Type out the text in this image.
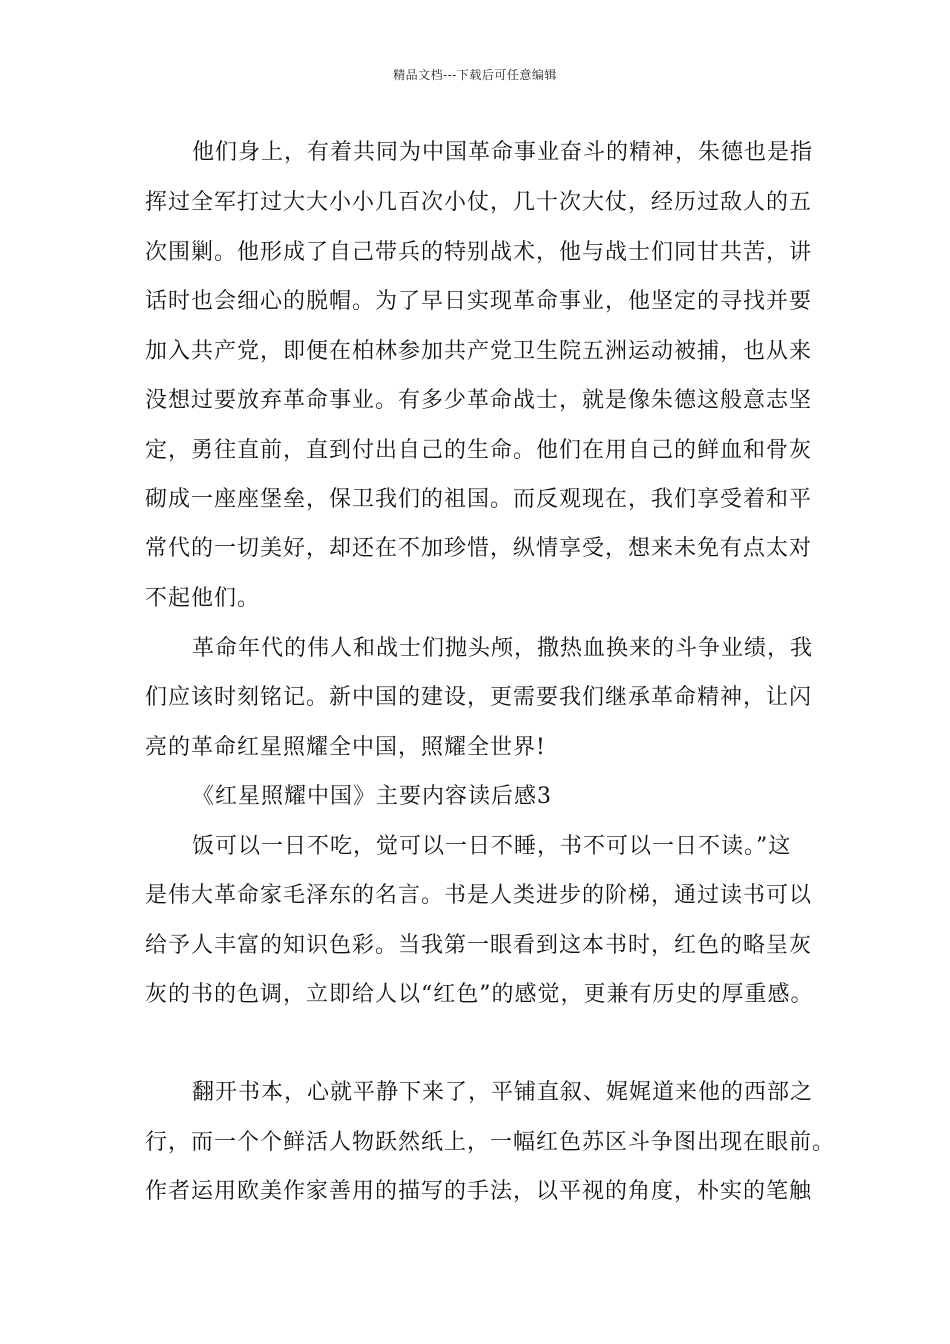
精品文档---下载后可任意编辑
他们身上，有着共同为中国革命事业奋斗的精神，朱德也是指
挥过全军打过大大小小几百次小仗，几十次大仗，经历过敌人的五
次围剿。他形成了自己带兵的特别战术，他与战士们同甘共苦，讲
话时也会细心的脱帽。为了早日实现革命事业，他坚定的寻找并要
加入共产党，即便在柏林参加共产党卫生院五洲运动被捕，也从来
没想过要放弃革命事业。有多少革命战士，就是像朱德这般意志坚
定，勇往直前，直到付出自己的生命。他们在用自己的鲜血和骨灰
砌成一座座堡垒，保卫我们的祖国。而反观现在，我们享受着和平
常代的一切美好，却还在不加珍惜，纵情享受，想来未免有点太对
不起他们。
革命年代的伟人和战士们抛头颅，撒热血换来的斗争业绩，我
们应该时刻铭记。新中国的建设，更需要我们继承革命精神，让闪
亮的革命红星照耀全中国，照耀全世界!
《红星照耀中国》主要内容读后感3
饭可以一日不吃，觉可以一日不睡，书不可以一日不读。”这
是伟大革命家毛泽东的名言。书是人类进步的阶梯，通过读书可以
给予人丰富的知识色彩。当我第一眼看到这本书时，红色的略呈灰
灰的书的色调，立即给人以“红色”的感觉，更兼有历史的厚重感。
翻开书本，心就平静下来了，平铺直叙、娓娓道来他的西部之
行，而一个个鲜活人物跃然纸上，一幅红色苏区斗争图出现在眼前。
作者运用欧美作家善用的描写的手法，以平视的角度，朴实的笔触
